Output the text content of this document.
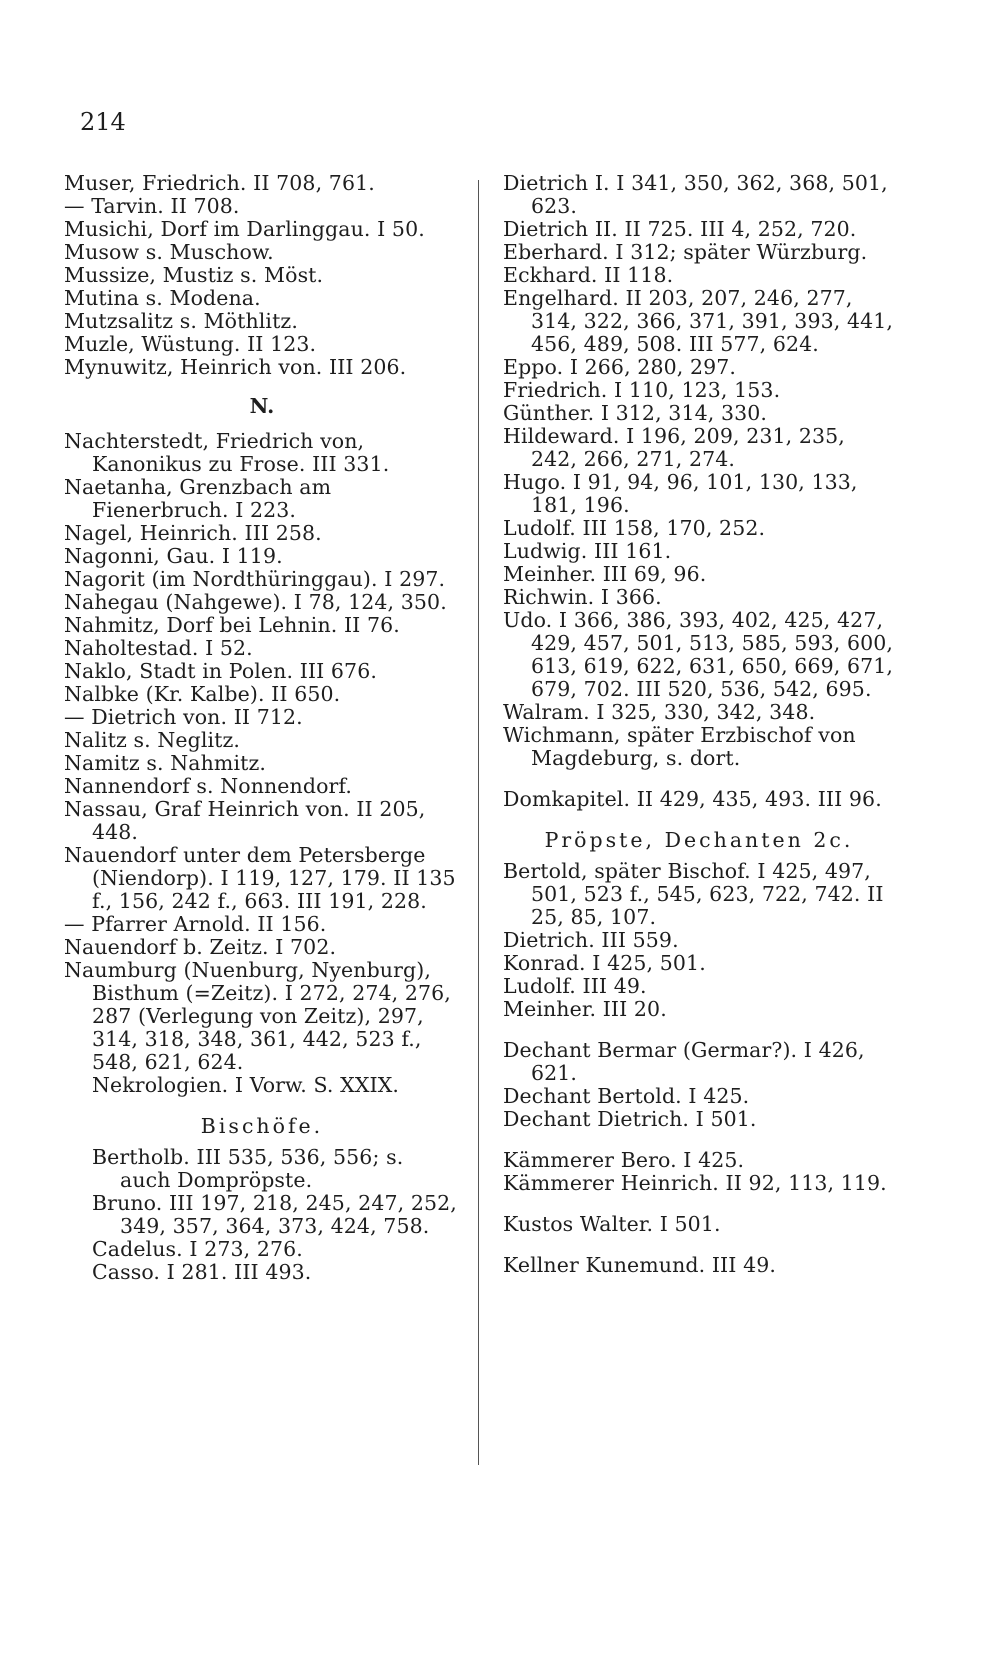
214
Muser, Friedrich. II 708, 761.
— Tarvin. II 708.
Musichi, Dorf im Darlinggau. I 50.
Musow s. Muschow.
Mussize, Mustiz s. Möst.
Mutina s. Modena.
Mutzsalitz s. Möthlitz.
Muzle, Wüstung. II 123.
Mynuwitz, Heinrich von. III 206.
N.
Nachterstedt, Friedrich von, Kanonikus zu Frose. III 331.
Naetanha, Grenzbach am Fienerbruch. I 223.
Nagel, Heinrich. III 258.
Nagonni, Gau. I 119.
Nagorit (im Nordthüringgau). I 297.
Nahegau (Nahgewe). I 78, 124, 350.
Nahmitz, Dorf bei Lehnin. II 76.
Naholtestad. I 52.
Naklo, Stadt in Polen. III 676.
Nalbke (Kr. Kalbe). II 650.
— Dietrich von. II 712.
Nalitz s. Neglitz.
Namitz s. Nahmitz.
Nannendorf s. Nonnendorf.
Nassau, Graf Heinrich von. II 205, 448.
Nauendorf unter dem Petersberge (Niendorp). I 119, 127, 179. II 135 f., 156, 242 f., 663. III 191, 228.
— Pfarrer Arnold. II 156.
Nauendorf b. Zeitz. I 702.
Naumburg (Nuenburg, Nyenburg), Bisthum (=Zeitz). I 272, 274, 276, 287 (Verlegung von Zeitz), 297, 314, 318, 348, 361, 442, 523 f., 548, 621, 624.
Nekrologien. I Vorw. S. XXIX.
Bischöfe.
Bertholb. III 535, 536, 556; s. auch Dompröpste.
Bruno. III 197, 218, 245, 247, 252, 349, 357, 364, 373, 424, 758.
Cadelus. I 273, 276.
Casso. I 281. III 493.
Dietrich I. I 341, 350, 362, 368, 501, 623.
Dietrich II. II 725. III 4, 252, 720.
Eberhard. I 312; später Würzburg.
Eckhard. II 118.
Engelhard. II 203, 207, 246, 277, 314, 322, 366, 371, 391, 393, 441, 456, 489, 508. III 577, 624.
Eppo. I 266, 280, 297.
Friedrich. I 110, 123, 153.
Günther. I 312, 314, 330.
Hildeward. I 196, 209, 231, 235, 242, 266, 271, 274.
Hugo. I 91, 94, 96, 101, 130, 133, 181, 196.
Ludolf. III 158, 170, 252.
Ludwig. III 161.
Meinher. III 69, 96.
Richwin. I 366.
Udo. I 366, 386, 393, 402, 425, 427, 429, 457, 501, 513, 585, 593, 600, 613, 619, 622, 631, 650, 669, 671, 679, 702. III 520, 536, 542, 695.
Walram. I 325, 330, 342, 348.
Wichmann, später Erzbischof von Magdeburg, s. dort.
Domkapitel. II 429, 435, 493. III 96.
Pröpste, Dechanten 2c.
Bertold, später Bischof. I 425, 497, 501, 523 f., 545, 623, 722, 742. II 25, 85, 107.
Dietrich. III 559.
Konrad. I 425, 501.
Ludolf. III 49.
Meinher. III 20.
Dechant Bermar (Germar?). I 426, 621.
Dechant Bertold. I 425.
Dechant Dietrich. I 501.
Kämmerer Bero. I 425.
Kämmerer Heinrich. II 92, 113, 119.
Kustos Walter. I 501.
Kellner Kunemund. III 49.
